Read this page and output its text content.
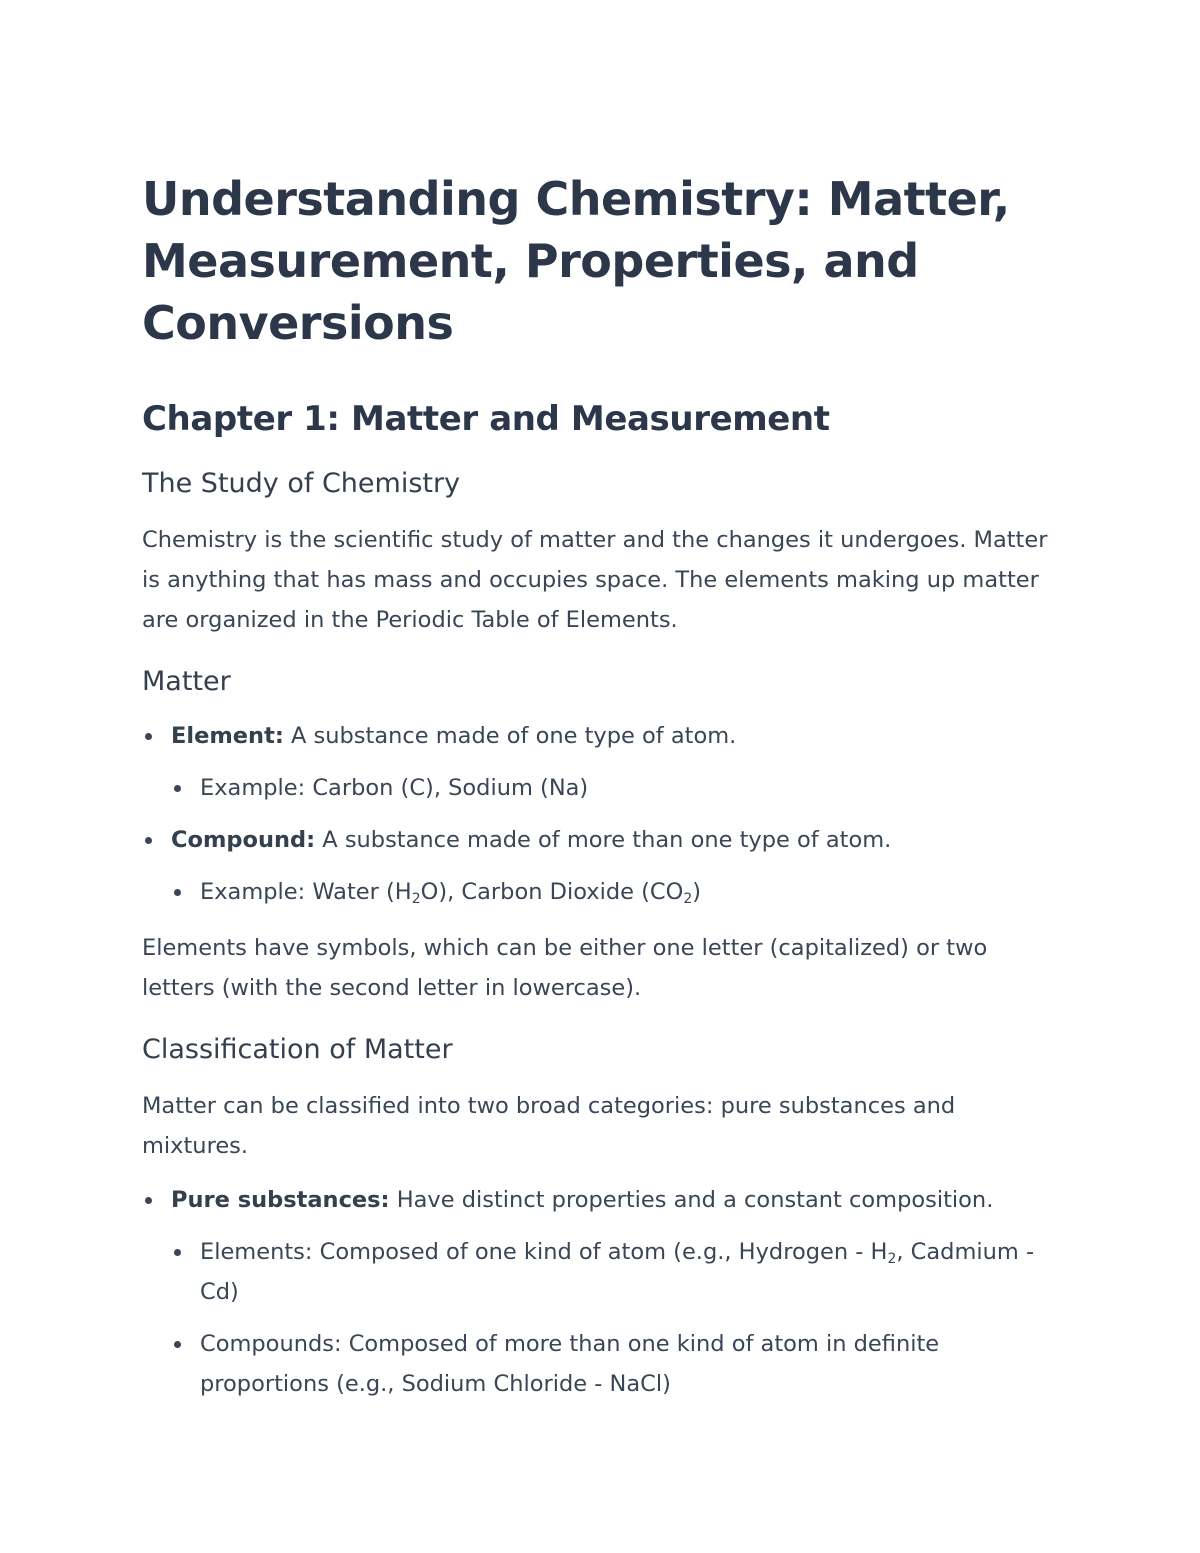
Understanding Chemistry: Matter, Measurement, Properties, and Conversions
Chapter 1: Matter and Measurement
The Study of Chemistry

Chemistry is the scientific study of matter and the changes it undergoes. Matter is anything that has mass and occupies space. The elements making up matter are organized in the Periodic Table of Elements.

Matter
Element: A substance made of one type of atom.
Example: Carbon (C), Sodium (Na)
Compound: A substance made of more than one type of atom.
Example: Water $(H_2O)$, Carbon Dioxide $(CO_2)$

Elements have symbols, which can be either one letter (capitalized) or two letters (with the second letter in lowercase).

Classification of Matter

Matter can be classified into two broad categories: pure substances and mixtures.

Pure substances: Have distinct properties and a constant composition.
Elements: Composed of one kind of atom (e.g., Hydrogen - $H_2$, Cadmium - Cd)
Compounds: Composed of more than one kind of atom in definite proportions (e.g., Sodium Chloride - NaCl)
